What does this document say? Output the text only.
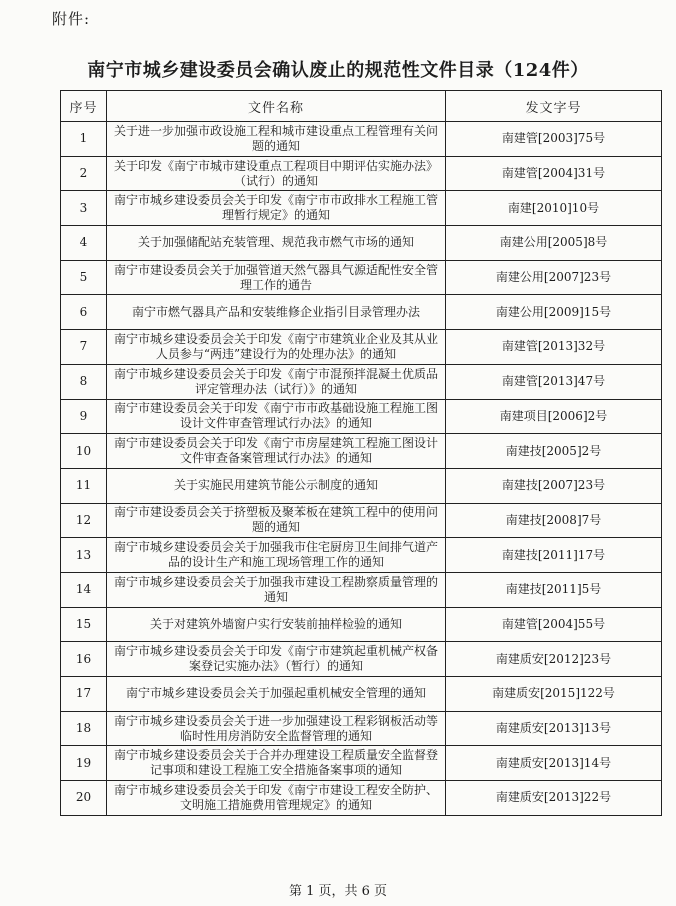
附件:
南宁市城乡建设委员会确认废止的规范性文件目录（124件）
序号	文件名称	发文字号
1	关于进一步加强市政设施工程和城市建设重点工程管理有关问题的通知	南建管[2003]75号
2	关于印发《南宁市城市建设重点工程项目中期评估实施办法》（试行）的通知	南建管[2004]31号
3	南宁市城乡建设委员会关于印发《南宁市市政排水工程施工管理暂行规定》的通知	南建[2010]10号
4	关于加强储配站充装管理、规范我市燃气市场的通知	南建公用[2005]8号
5	南宁市建设委员会关于加强管道天然气器具气源适配性安全管理工作的通告	南建公用[2007]23号
6	南宁市燃气器具产品和安装维修企业指引目录管理办法	南建公用[2009]15号
7	南宁市城乡建设委员会关于印发《南宁市建筑业企业及其从业人员参与“两违”建设行为的处理办法》的通知	南建管[2013]32号
8	南宁市城乡建设委员会关于印发《南宁市混预拌混凝土优质品评定管理办法（试行）》的通知	南建管[2013]47号
9	南宁市建设委员会关于印发《南宁市市政基础设施工程施工图设计文件审查管理试行办法》的通知	南建项目[2006]2号
10	南宁市建设委员会关于印发《南宁市房屋建筑工程施工图设计文件审查备案管理试行办法》的通知	南建技[2005]2号
11	关于实施民用建筑节能公示制度的通知	南建技[2007]23号
12	南宁市建设委员会关于挤塑板及聚苯板在建筑工程中的使用问题的通知	南建技[2008]7号
13	南宁市城乡建设委员会关于加强我市住宅厨房卫生间排气道产品的设计生产和施工现场管理工作的通知	南建技[2011]17号
14	南宁市城乡建设委员会关于加强我市建设工程勘察质量管理的通知	南建技[2011]5号
15	关于对建筑外墙窗户实行安装前抽样检验的通知	南建管[2004]55号
16	南宁市城乡建设委员会关于印发《南宁市建筑起重机械产权备案登记实施办法》（暂行）的通知	南建质安[2012]23号
17	南宁市城乡建设委员会关于加强起重机械安全管理的通知	南建质安[2015]122号
18	南宁市城乡建设委员会关于进一步加强建设工程彩钢板活动等临时性用房消防安全监督管理的通知	南建质安[2013]13号
19	南宁市城乡建设委员会关于合并办理建设工程质量安全监督登记事项和建设工程施工安全措施备案事项的通知	南建质安[2013]14号
20	南宁市城乡建设委员会关于印发《南宁市建设工程安全防护、文明施工措施费用管理规定》的通知	南建质安[2013]22号
第 1 页，共 6 页
